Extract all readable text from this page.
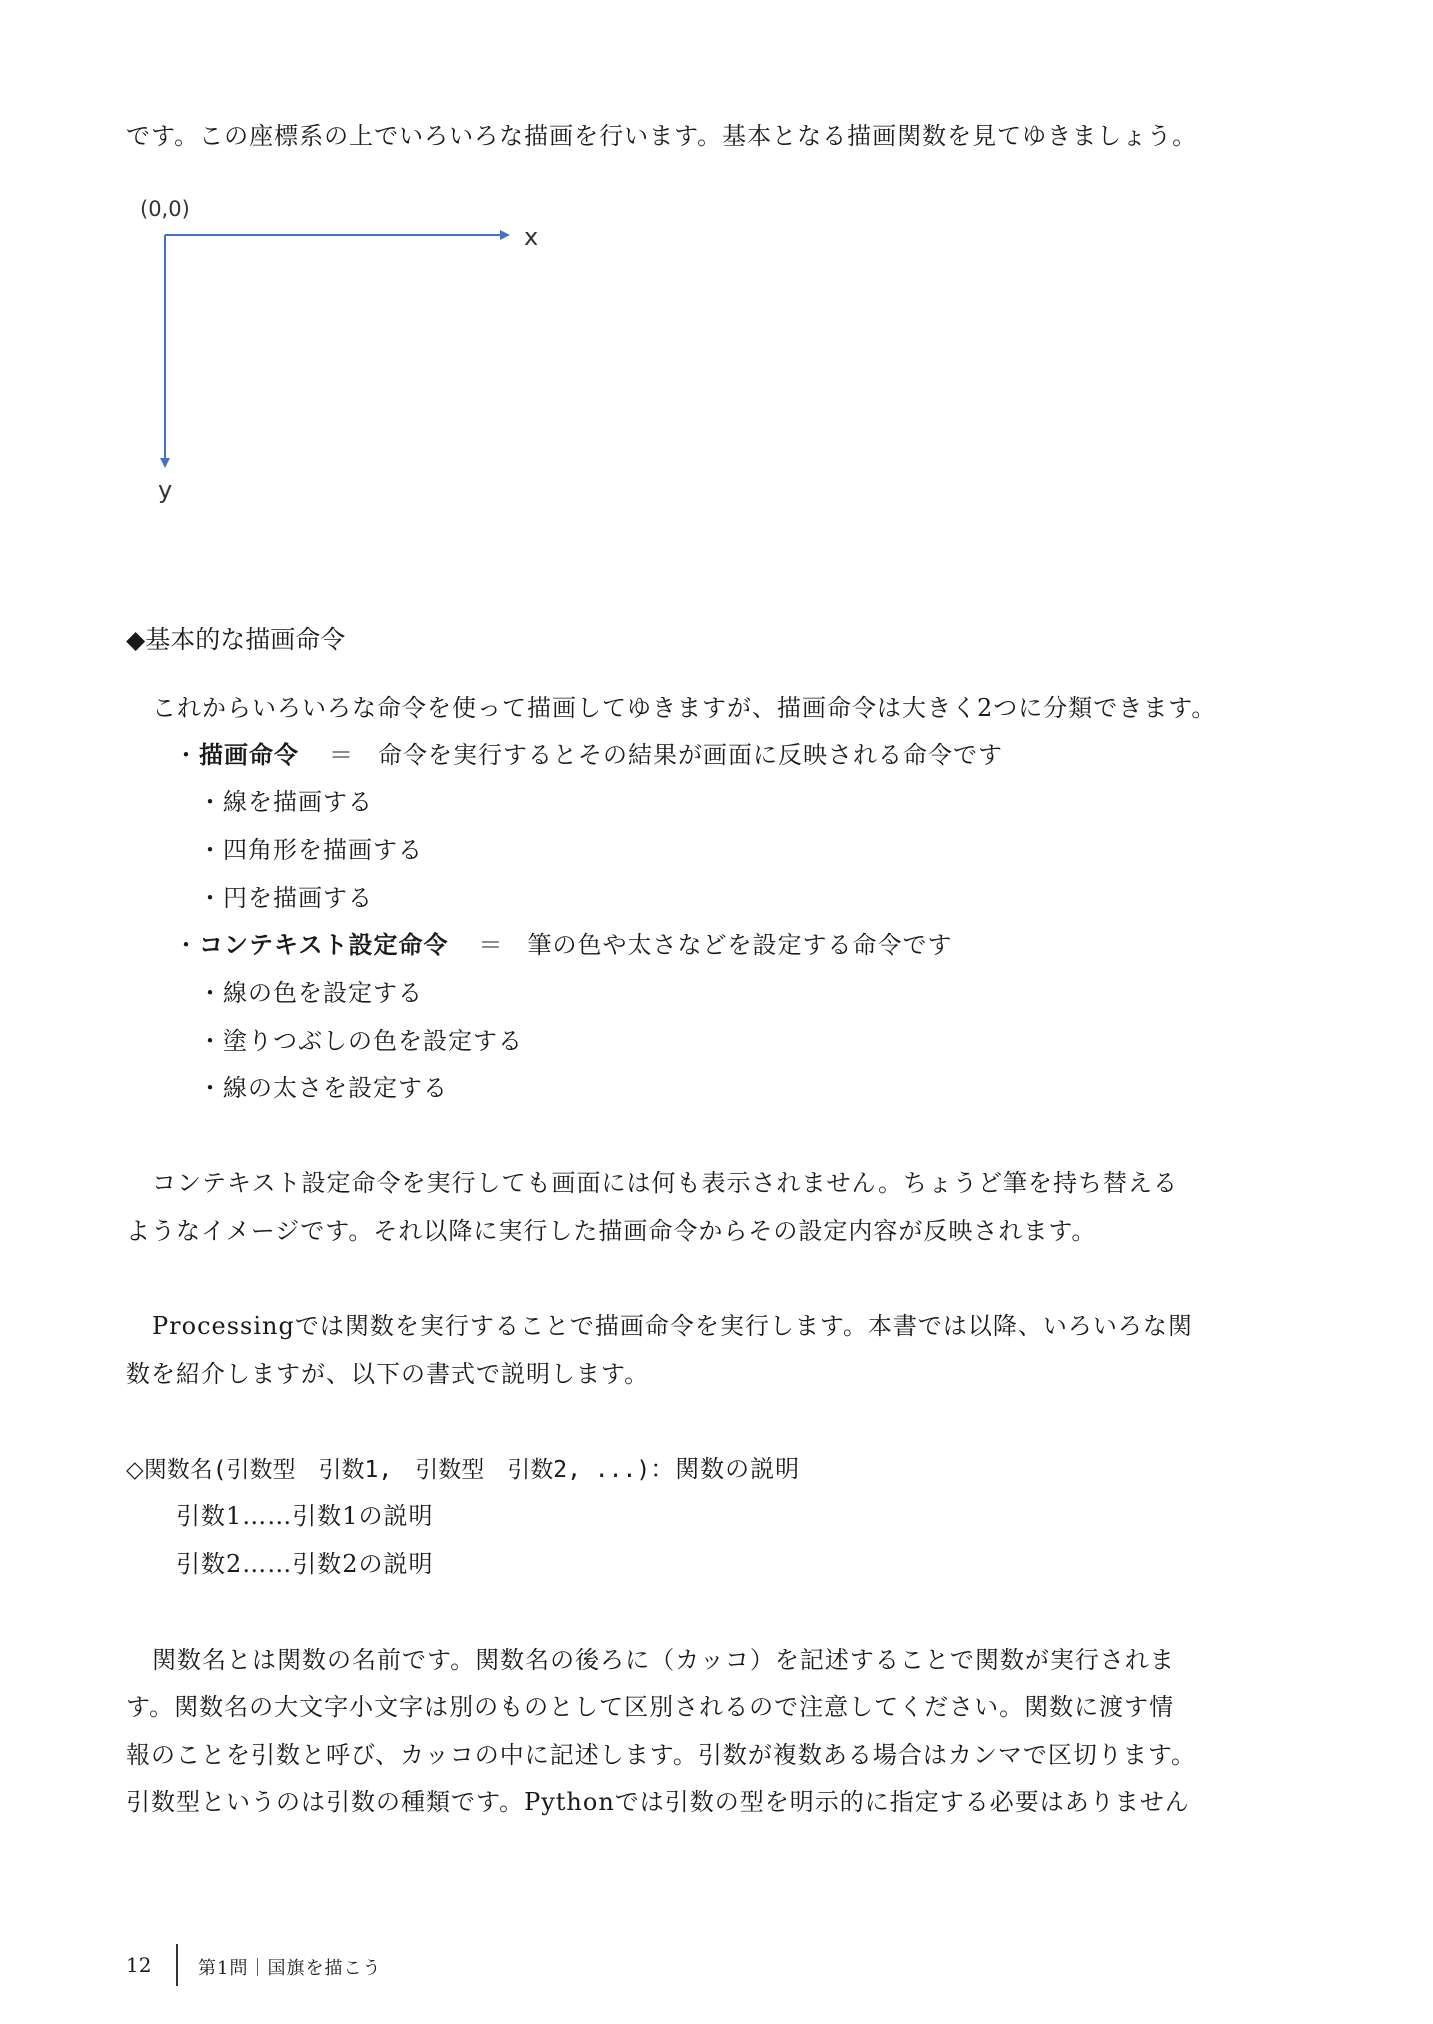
です。この座標系の上でいろいろな描画を行います。基本となる描画関数を見てゆきましょう。
(0,0)
x
y
◆基本的な描画命令
これからいろいろな命令を使って描画してゆきますが、描画命令は大きく2つに分類できます。
・描画命令 ＝ 命令を実行するとその結果が画面に反映される命令です
・線を描画する
・四角形を描画する
・円を描画する
・コンテキスト設定命令 ＝ 筆の色や太さなどを設定する命令です
・線の色を設定する
・塗りつぶしの色を設定する
・線の太さを設定する
コンテキスト設定命令を実行しても画面には何も表示されません。ちょうど筆を持ち替える
ようなイメージです。それ以降に実行した描画命令からその設定内容が反映されます。
Processingでは関数を実行することで描画命令を実行します。本書では以降、いろいろな関
数を紹介しますが、以下の書式で説明します。
◇関数名(引数型　引数1,　引数型　引数2, ...)：関数の説明
引数1……引数1の説明
引数2……引数2の説明
関数名とは関数の名前です。関数名の後ろに（カッコ）を記述することで関数が実行されま
す。関数名の大文字小文字は別のものとして区別されるので注意してください。関数に渡す情
報のことを引数と呼び、カッコの中に記述します。引数が複数ある場合はカンマで区切ります。
引数型というのは引数の種類です。Pythonでは引数の型を明示的に指定する必要はありません
12	第1問｜国旗を描こう
